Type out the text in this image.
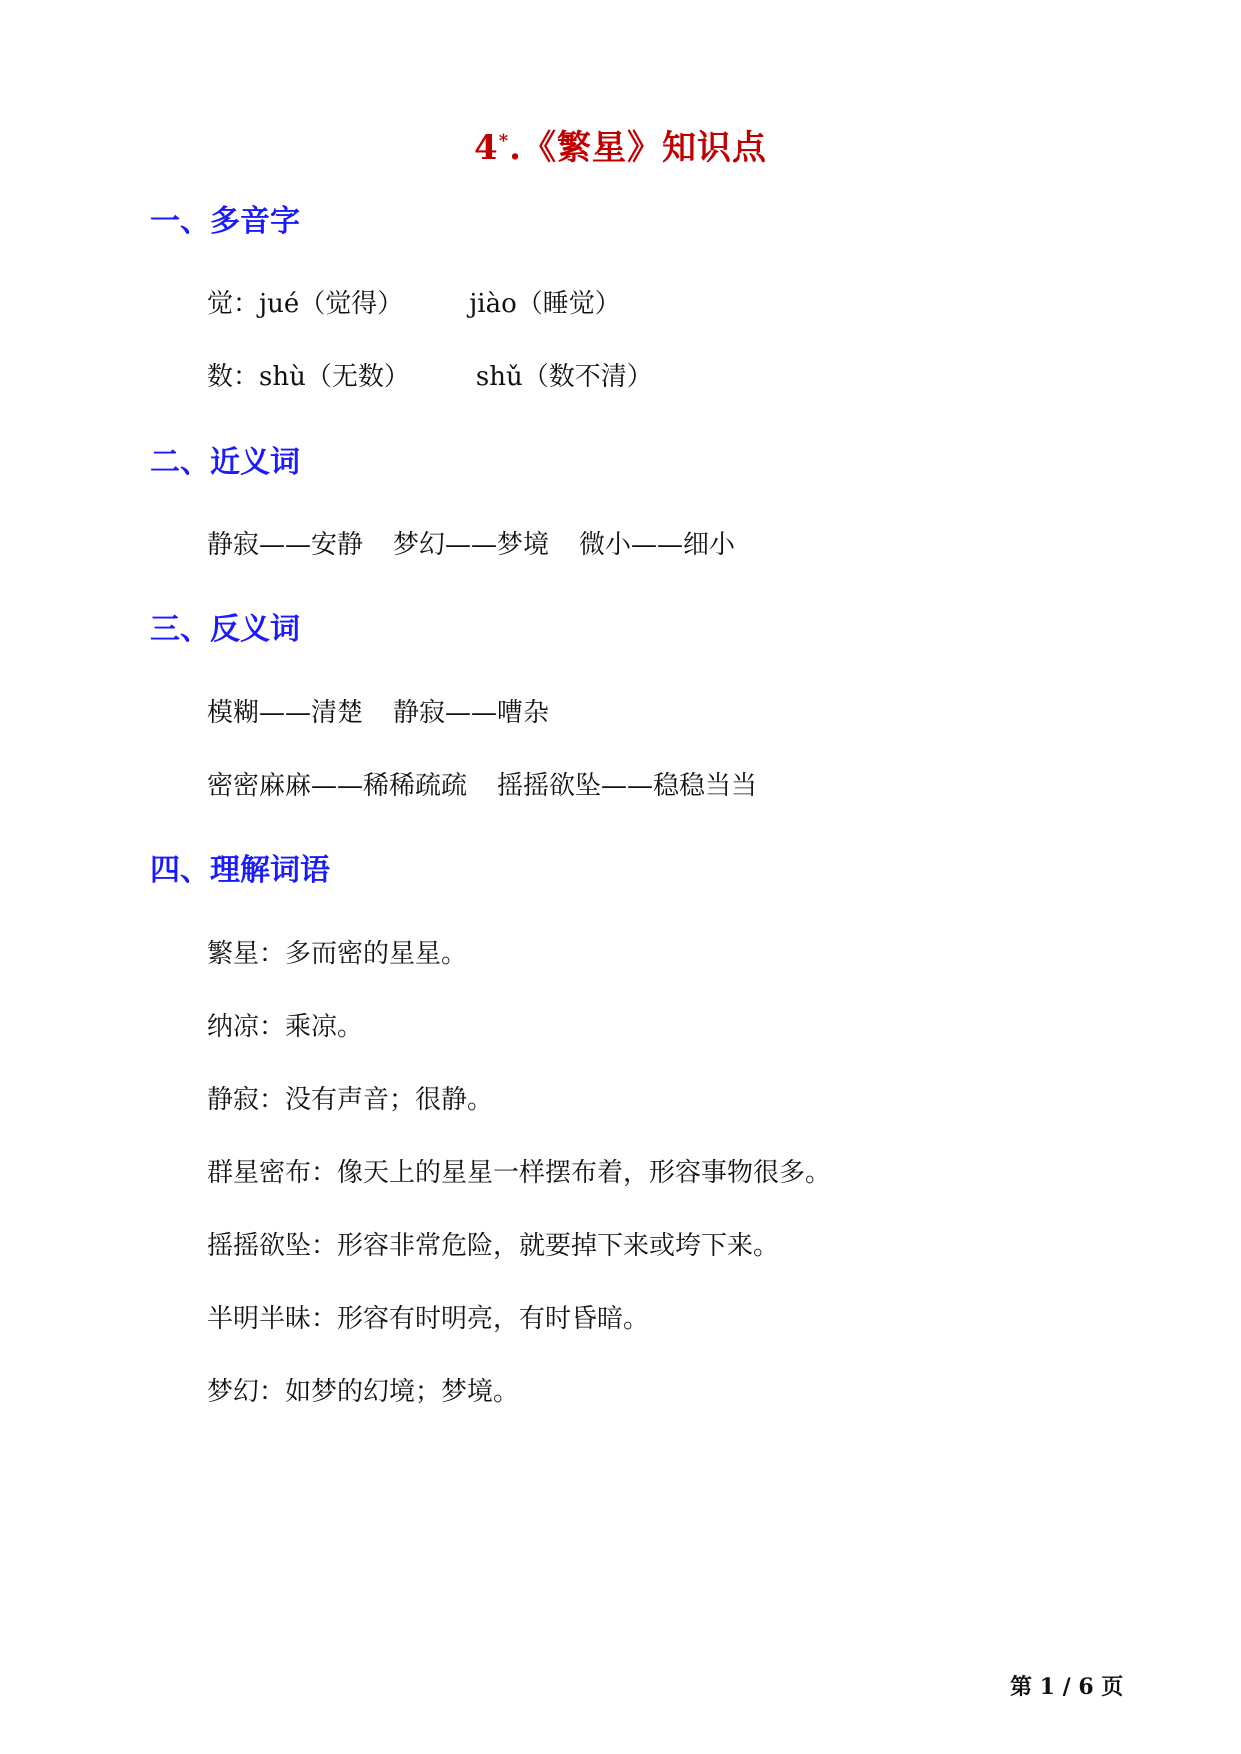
4*.《繁星》知识点
一、多音字
觉：jué（觉得）	jiào（睡觉）
数：shù（无数）	shǔ（数不清）
二、近义词
静寂——安静 梦幻——梦境 微小——细小
三、反义词
模糊——清楚 静寂——嘈杂
密密麻麻——稀稀疏疏 摇摇欲坠——稳稳当当
四、理解词语
繁星：多而密的星星。
纳凉：乘凉。
静寂：没有声音；很静。
群星密布：像天上的星星一样摆布着，形容事物很多。
摇摇欲坠：形容非常危险，就要掉下来或垮下来。
半明半昧：形容有时明亮，有时昏暗。
梦幻：如梦的幻境；梦境。
第 1 / 6 页
